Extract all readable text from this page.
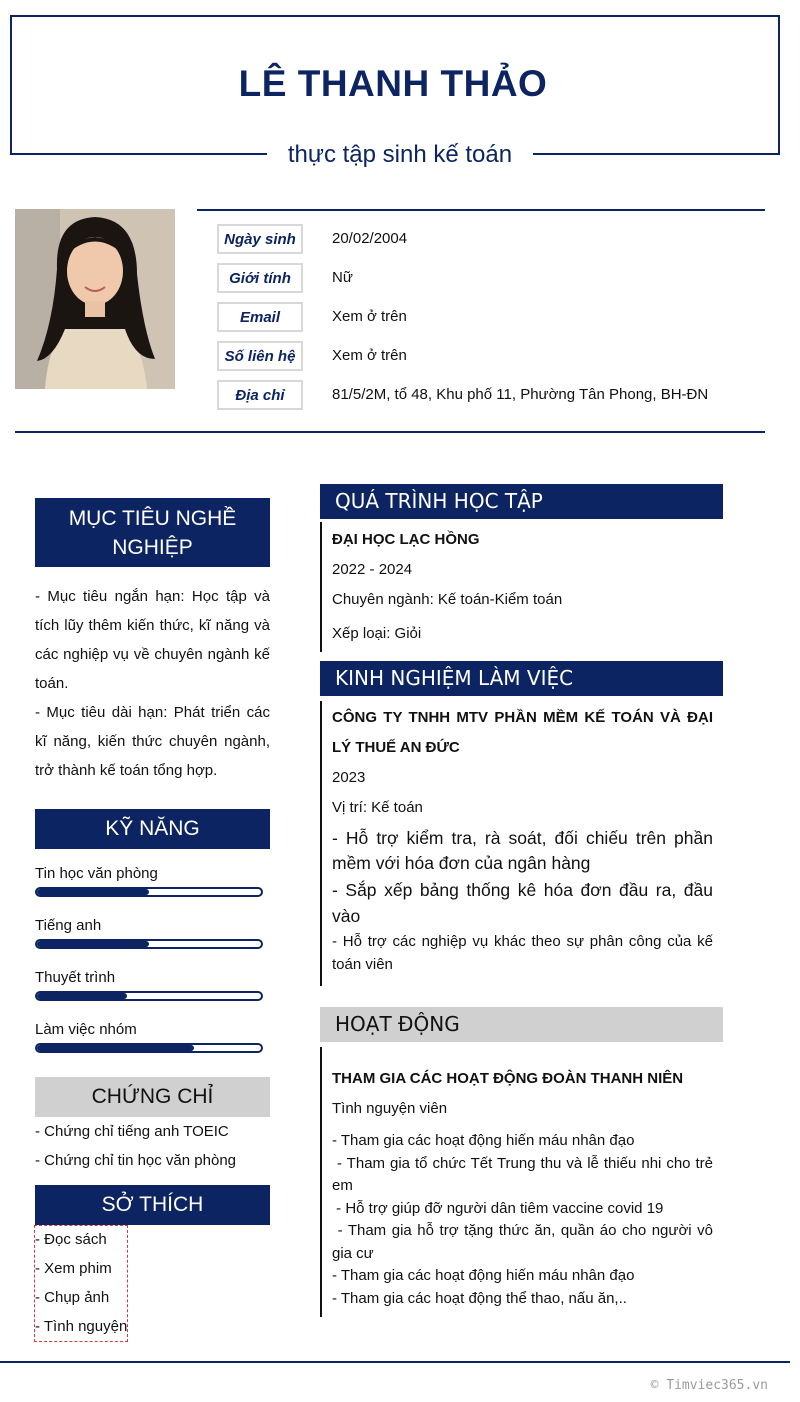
LÊ THANH THẢO
thực tập sinh kế toán
Ngày sinh	20/02/2004
Giới tính	Nữ
Email	Xem ở trên
Số liên hệ	Xem ở trên
Địa chỉ	81/5/2M, tổ 48, Khu phố 11, Phường Tân Phong, BH-ĐN
MỤC TIÊU NGHỀ NGHIỆP
- Mục tiêu ngắn hạn: Học tập và tích lũy thêm kiến thức, kĩ năng và các nghiệp vụ về chuyên ngành kế toán.
- Mục tiêu dài hạn: Phát triển các kĩ năng, kiến thức chuyên ngành, trở thành kế toán tổng hợp.
KỸ NĂNG
Tin học văn phòng
Tiếng anh
Thuyết trình
Làm việc nhóm
CHỨNG CHỈ
- Chứng chỉ tiếng anh TOEIC
- Chứng chỉ tin học văn phòng
SỞ THÍCH
- Đọc sách
- Xem phim
- Chụp ảnh
- Tình nguyện
QUÁ TRÌNH HỌC TẬP
ĐẠI HỌC LẠC HỒNG
2022 - 2024
Chuyên ngành: Kế toán-Kiểm toán
Xếp loại: Giỏi
KINH NGHIỆM LÀM VIỆC
CÔNG TY TNHH MTV PHẦN MỀM KẾ TOÁN VÀ ĐẠI LÝ THUẾ AN ĐỨC
2023
Vị trí: Kế toán
- Hỗ trợ kiểm tra, rà soát, đối chiếu trên phần mềm với hóa đơn của ngân hàng
- Sắp xếp bảng thống kê hóa đơn đầu ra, đầu vào
- Hỗ trợ các nghiệp vụ khác theo sự phân công của kế toán viên
HOẠT ĐỘNG
THAM GIA CÁC HOẠT ĐỘNG ĐOÀN THANH NIÊN
Tình nguyện viên
- Tham gia các hoạt động hiến máu nhân đạo
- Tham gia tổ chức Tết Trung thu và lễ thiếu nhi cho trẻ em
- Hỗ trợ giúp đỡ người dân tiêm vaccine covid 19
- Tham gia hỗ trợ tặng thức ăn, quần áo cho người vô gia cư
- Tham gia các hoạt động hiến máu nhân đạo
- Tham gia các hoạt động thể thao, nấu ăn,..
© Timviec365.vn
